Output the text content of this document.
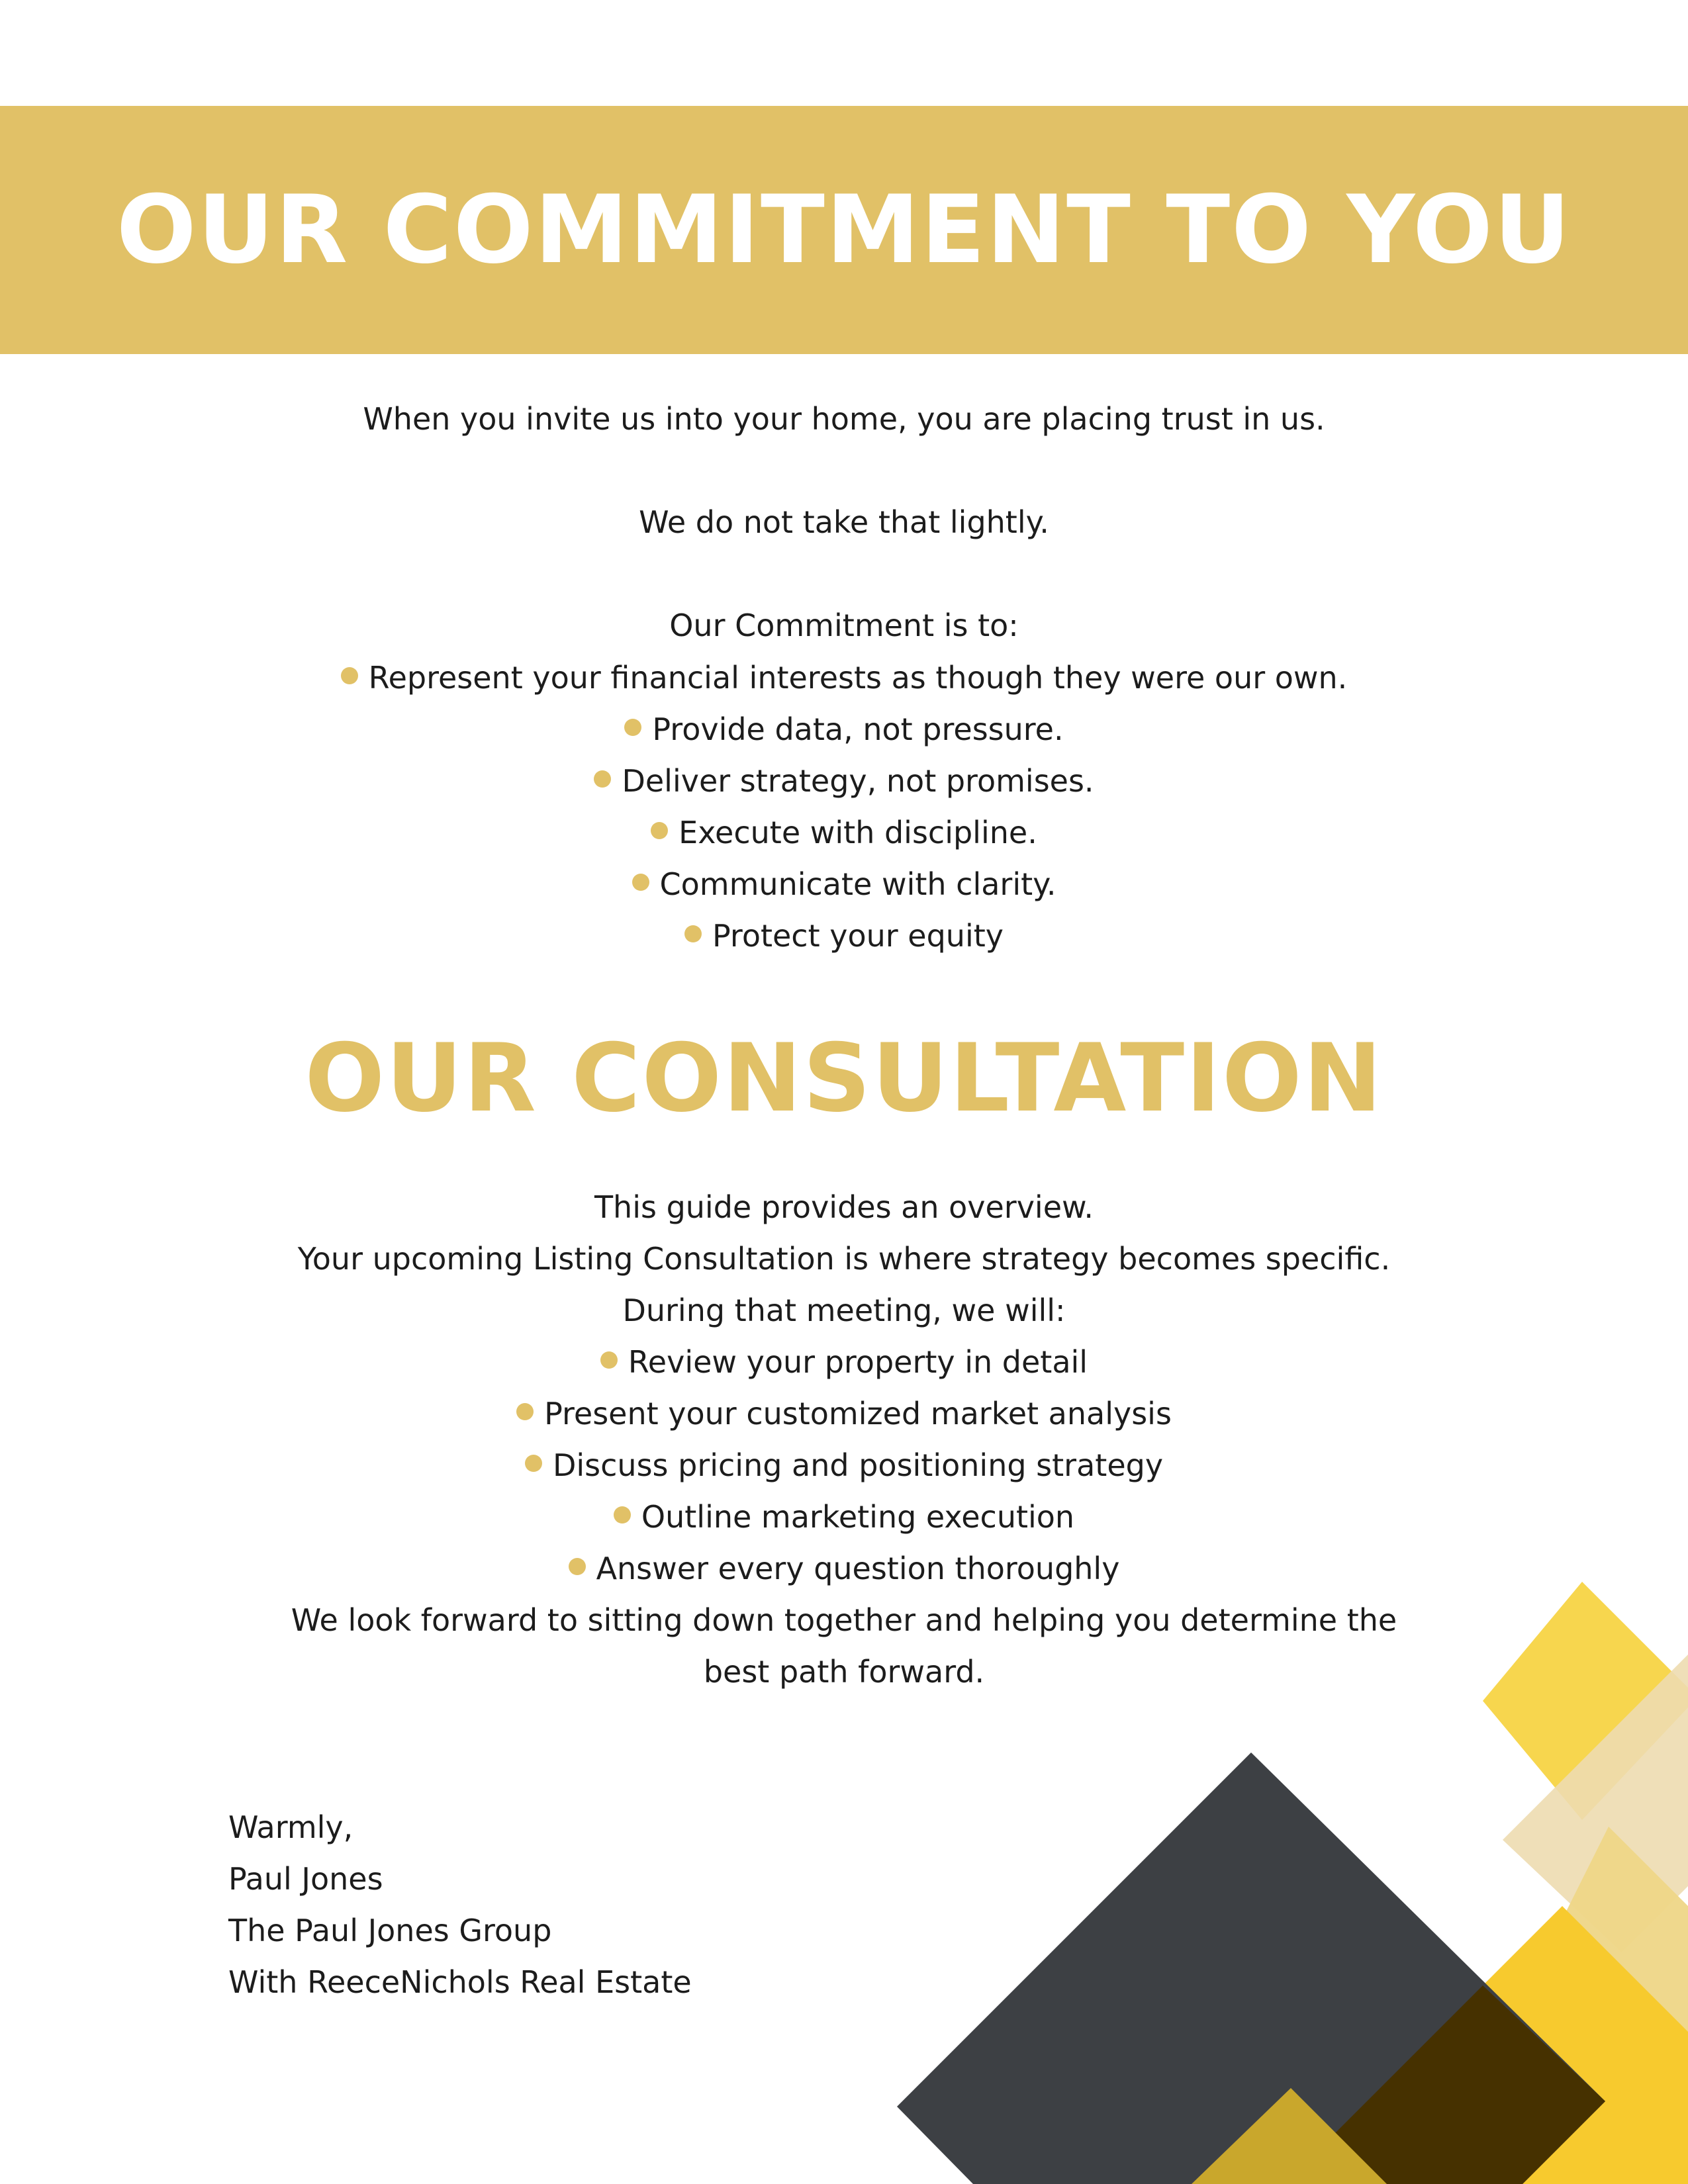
OUR COMMITMENT TO YOU
When you invite us into your home, you are placing trust in us.
We do not take that lightly.
Our Commitment is to:
Represent your financial interests as though they were our own.
Provide data, not pressure.
Deliver strategy, not promises.
Execute with discipline.
Communicate with clarity.
Protect your equity
OUR CONSULTATION
This guide provides an overview.
Your upcoming Listing Consultation is where strategy becomes specific.
During that meeting, we will:
Review your property in detail
Present your customized market analysis
Discuss pricing and positioning strategy
Outline marketing execution
Answer every question thoroughly
We look forward to sitting down together and helping you determine the
best path forward.
Warmly,
Paul Jones
The Paul Jones Group
With ReeceNichols Real Estate
